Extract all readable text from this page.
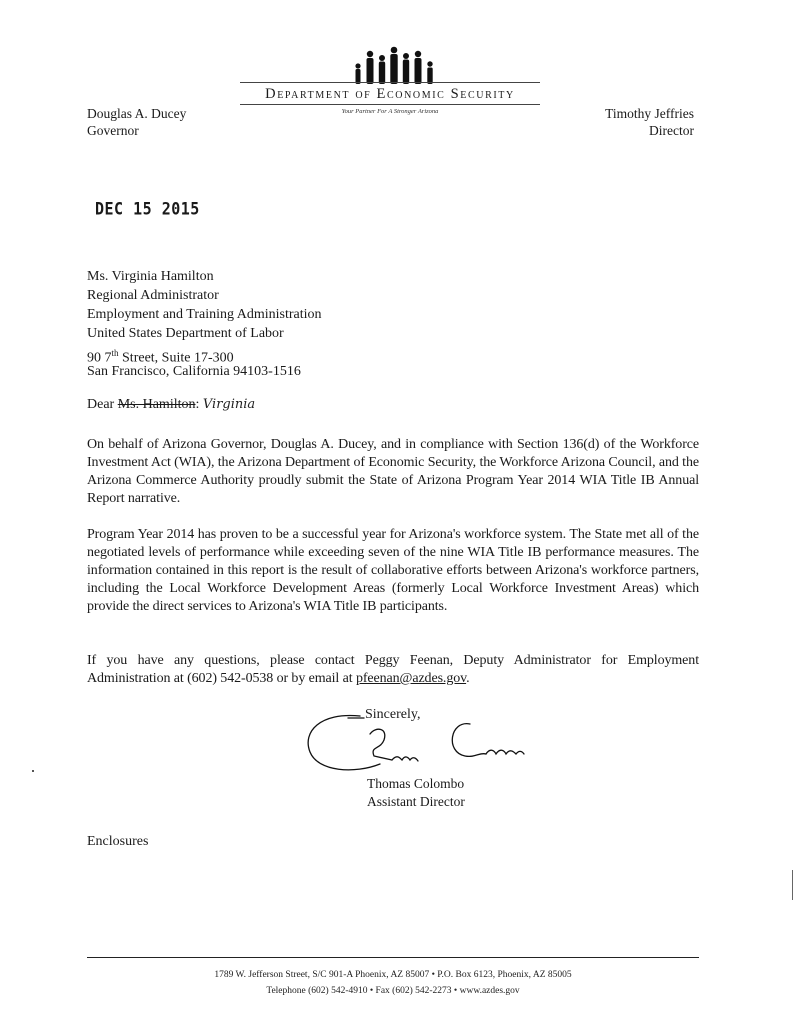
Department of Economic Security
Your Partner For A Stronger Arizona
Douglas A. Ducey
Governor
Timothy Jeffries
Director
DEC 15 2015
Ms. Virginia Hamilton
Regional Administrator
Employment and Training Administration
United States Department of Labor
90 7th Street, Suite 17-300
San Francisco, California 94103-1516
Dear Ms. Hamilton: Virginia
On behalf of Arizona Governor, Douglas A. Ducey, and in compliance with Section 136(d) of the Workforce Investment Act (WIA), the Arizona Department of Economic Security, the Workforce Arizona Council, and the Arizona Commerce Authority proudly submit the State of Arizona Program Year 2014 WIA Title IB Annual Report narrative.
Program Year 2014 has proven to be a successful year for Arizona's workforce system. The State met all of the negotiated levels of performance while exceeding seven of the nine WIA Title IB performance measures. The information contained in this report is the result of collaborative efforts between Arizona's workforce partners, including the Local Workforce Development Areas (formerly Local Workforce Investment Areas) which provide the direct services to Arizona's WIA Title IB participants.
If you have any questions, please contact Peggy Feenan, Deputy Administrator for Employment Administration at (602) 542-0538 or by email at pfeenan@azdes.gov.
Sincerely,
Thomas Colombo
Assistant Director
Enclosures
1789 W. Jefferson Street, S/C 901-A Phoenix, AZ 85007 • P.O. Box 6123, Phoenix, AZ 85005
Telephone (602) 542-4910 • Fax (602) 542-2273 • www.azdes.gov
